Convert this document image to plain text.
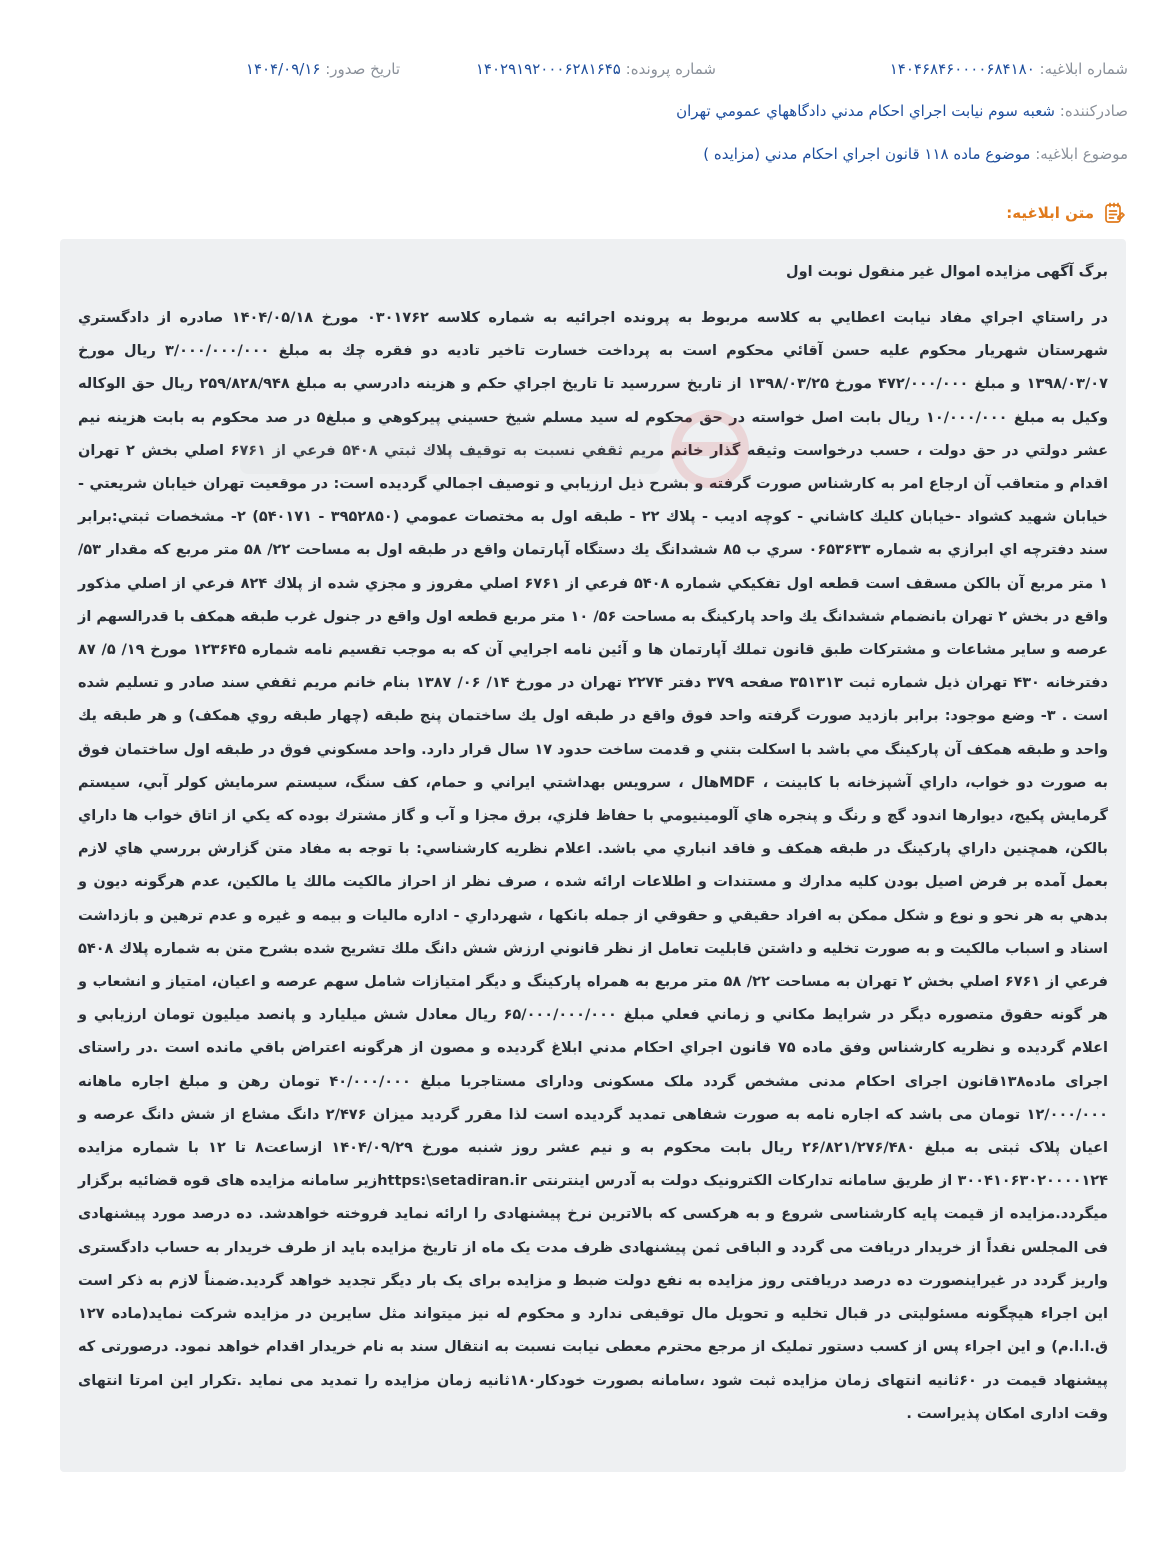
شماره ابلاغيه: ۱۴۰۴۶۸۴۶۰۰۰۰۶۸۴۱۸۰
شماره پرونده: ۱۴۰۲۹۱۹۲۰۰۰۶۲۸۱۶۴۵
تاريخ صدور: ۱۴۰۴/۰۹/۱۶
صادرکننده: شعبه سوم نيابت اجراي احکام مدني دادگاههاي عمومي تهران
موضوع ابلاغيه: موضوع ماده ۱۱۸ قانون اجراي احکام مدني (مزايده )
متن ابلاغیه:

برگ آگهی مزایده اموال غیر منقول نوبت اول

در راستاي اجراي مفاد نيابت اعطايي به كلاسه مربوط به پرونده اجرائيه به شماره كلاسه ۰۳۰۱۷۶۲ مورخ ۱۴۰۴/۰۵/۱۸ صادره از دادگستري شهرستان شهريار محكوم عليه حسن آقائي محكوم است به پرداخت خسارت تاخير تاديه دو فقره چك به مبلغ ۳/۰۰۰/۰۰۰/۰۰۰ ريال مورخ ۱۳۹۸/۰۳/۰۷ و مبلغ ۴۷۲/۰۰۰/۰۰۰ مورخ ۱۳۹۸/۰۳/۲۵ از تاريخ سررسيد تا تاريخ اجراي حكم و هزينه دادرسي به مبلغ ۲۵۹/۸۲۸/۹۴۸ ريال حق الوكاله وكيل به مبلغ ۱۰/۰۰۰/۰۰۰ ريال بابت اصل خواسته در حق محكوم له سيد مسلم شيخ حسيني پيركوهي و مبلغ۵ در صد محكوم به بابت هزينه نيم عشر دولتي در حق دولت ، حسب درخواست وثيقه گذار خانم مريم ثقفي نسبت به توقيف پلاك ثبتي ۵۴۰۸ فرعي از ۶۷۶۱ اصلي بخش ۲ تهران اقدام و متعاقب آن ارجاع امر به كارشناس صورت گرفته و بشرح ذيل ارزيابي و توصيف اجمالي گرديده است: در موقعيت تهران خيابان شريعتي - خيابان شهيد كشواد -خيابان كليك كاشاني - كوچه اديب - پلاك ۲۲ - طبقه اول به مختصات عمومي (۳۹۵۲۸۵۰ - ۵۴۰۱۷۱) ۲- مشخصات ثبتي:برابر سند دفترچه اي ابرازي به شماره ۰۶۵۳۶۳۳ سري ب ۸۵ ششدانگ يك دستگاه آپارتمان واقع در طبقه اول به مساحت ۲۲/ ۵۸ متر مربع كه مقدار ۵۳/ ۱ متر مربع آن بالكن مسقف است قطعه اول تفكيكي شماره ۵۴۰۸ فرعي از ۶۷۶۱ اصلي مفروز و مجزي شده از پلاك ۸۲۴ فرعي از اصلي مذكور واقع در بخش ۲ تهران بانضمام ششدانگ يك واحد پاركينگ به مساحت ۵۶/ ۱۰ متر مربع قطعه اول واقع در جنول غرب طبقه همكف با قدرالسهم از عرصه و ساير مشاعات و مشتركات طبق قانون تملك آپارتمان ها و آئين نامه اجرايي آن كه به موجب تقسيم نامه شماره ۱۲۳۶۴۵ مورخ ۱۹/ ۵/ ۸۷ دفترخانه ۴۳۰ تهران ذيل شماره ثبت ۳۵۱۳۱۳ صفحه ۳۷۹ دفتر ۲۲۷۴ تهران در مورخ ۱۴/ ۰۶/ ۱۳۸۷ بنام خانم مريم ثقفي سند صادر و تسليم شده است . ۳- وضع موجود: برابر بازديد صورت گرفته واحد فوق واقع در طبقه اول يك ساختمان پنج طبقه (چهار طبقه روي همكف) و هر طبقه يك واحد و طبقه همكف آن پاركينگ مي باشد با اسكلت بتني و قدمت ساخت حدود ۱۷ سال قرار دارد. واحد مسكوني فوق در طبقه اول ساختمان فوق به صورت دو خواب، داراي آشپزخانه با كابينت ، MDFهال ، سرويس بهداشتي ايراني و حمام، كف سنگ، سيستم سرمايش كولر آبي، سيستم گرمايش پكيج، ديوارها اندود گچ و رنگ و پنجره هاي آلومينيومي با حفاظ فلزي، برق مجزا و آب و گاز مشترك بوده كه يكي از اتاق خواب ها داراي بالكن، همچنين داراي پاركينگ در طبقه همكف و فاقد انباري مي باشد. اعلام نظريه كارشناسي: با توجه به مفاد متن گزارش بررسي هاي لازم بعمل آمده بر فرض اصيل بودن كليه مدارك و مستندات و اطلاعات ارائه شده ، صرف نظر از احراز مالكيت مالك يا مالكين، عدم هرگونه ديون و بدهي به هر نحو و نوع و شكل ممكن به افراد حقيقي و حقوقي از جمله بانكها ، شهرداري - اداره ماليات و بيمه و غيره و عدم ترهين و بازداشت اسناد و اسباب مالكيت و به صورت تخليه و داشتن قابليت تعامل از نظر قانوني ارزش شش دانگ ملك تشريح شده بشرح متن به شماره پلاك ۵۴۰۸ فرعي از ۶۷۶۱ اصلي بخش ۲ تهران به مساحت ۲۲/ ۵۸ متر مربع به همراه پاركينگ و ديگر امتيازات شامل سهم عرصه و اعيان، امتياز و انشعاب و هر گونه حقوق متصوره ديگر در شرايط مكاني و زماني فعلي مبلغ ۶۵/۰۰۰/۰۰۰/۰۰۰ ريال معادل شش ميليارد و پانصد ميليون تومان ارزيابي و اعلام گرديده و نظريه كارشناس وفق ماده ۷۵ قانون اجراي احكام مدني ابلاغ گرديده و مصون از هرگونه اعتراض باقي مانده است .در راستای اجرای ماده۱۳۸قانون اجرای احکام مدنی مشخص گردد ملک مسکونی ودارای مستاجربا مبلغ ۴۰/۰۰۰/۰۰۰ تومان رهن و مبلغ اجاره ماهانه ۱۲/۰۰۰/۰۰۰ تومان می باشد که اجاره نامه به صورت شفاهی تمدید گردیده است لذا مقرر گردید میزان ۲/۴۷۶ دانگ مشاع از شش دانگ عرصه و اعیان پلاک ثبتی به مبلغ ۲۶/۸۲۱/۲۷۶/۴۸۰ ريال بابت محکوم به و نیم عشر روز شنبه مورخ ۱۴۰۴/۰۹/۲۹ ازساعت۸ تا ۱۲ با شماره مزایده ۳۰۰۴۱۰۶۳۰۲۰۰۰۰۱۲۴ از طریق سامانه تدارکات الکترونیک دولت به آدرس اینترنتی https:\setadiran.irزیر سامانه مزایده های قوه قضائیه برگزار میگردد.مزایده از قیمت پایه کارشناسی شروع و به هرکسی که بالاترین نرخ پیشنهادی را ارائه نماید فروخته خواهدشد. ده درصد مورد پیشنهادی فی المجلس نقداً از خریدار دریافت می گردد و الباقی ثمن پیشنهادی ظرف مدت یک ماه از تاریخ مزایده باید از طرف خریدار به حساب دادگستری واریز گردد در غیراینصورت ده درصد دریافتی روز مزایده به نفع دولت ضبط و مزایده برای یک بار دیگر تجدید خواهد گردید.ضمناً لازم به ذکر است این اجراء هیچگونه مسئولیتی در قبال تخلیه و تحویل مال توقیفی ندارد و محکوم له نیز میتواند مثل سایرین در مزایده شرکت نماید(ماده ۱۲۷ ق.ا.ا.م) و این اجراء پس از کسب دستور تملیک از مرجع محترم معطی نیابت نسبت به انتقال سند به نام خریدار اقدام خواهد نمود. درصورتی که پیشنهاد قیمت در ۶۰ثانیه انتهای زمان مزایده ثبت شود ،سامانه بصورت خودکار۱۸۰ثانیه زمان مزایده را تمدید می نماید .تکرار این امرتا انتهای وقت اداری امکان پذیراست .
